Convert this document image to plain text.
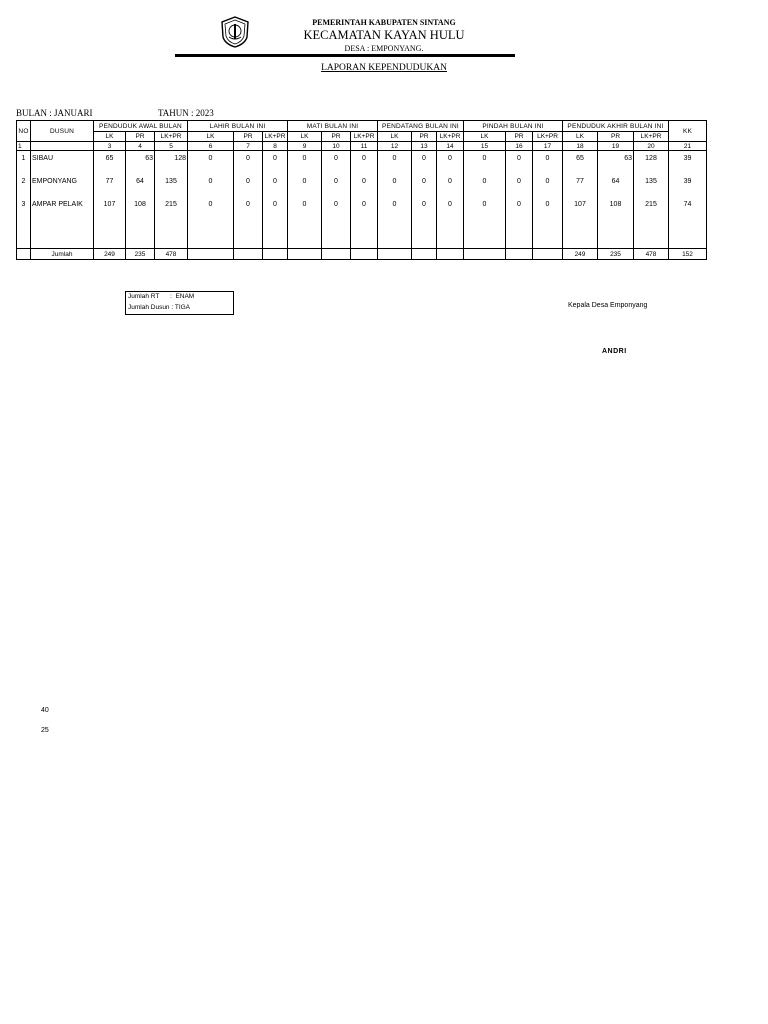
PEMERINTAH KABUPATEN SINTANG
KECAMATAN KAYAN HULU
DESA : EMPONYANG.
LAPORAN KEPENDUDUKAN
BULAN : JANUARI	TAHUN : 2023
NO	DUSUN	PENDUDUK AWAL BULAN			LAHIR BULAN INI			MATI BULAN INI			PENDATANG BULAN INI			PINDAH BULAN INI			PENDUDUK AKHIR BULAN INI			KK
		LK	PR	LK+PR	LK	PR	LK+PR	LK	PR	LK+PR	LK	PR	LK+PR	LK	PR	LK+PR	LK	PR	LK+PR	
1		3	4	5	6	7	8	9	10	11	12	13	14	15	16	17	18	19	20	21
1	SIBAU	65	63	128	0	0	0	0	0	0	0	0	0	0	0	0	65	63	128	39
2	EMPONYANG	77	64	135	0	0	0	0	0	0	0	0	0	0	0	0	77	64	135	39
3	AMPAR PELAIK	107	108	215	0	0	0	0	0	0	0	0	0	0	0	0	107	108	215	74

	Jumlah	249	235	478													249	235	478	152
Jumlah RT      :  ENAM
Jumlah Dusun : TIGA	Kepala Desa Emponyang
ANDRI
40
25
